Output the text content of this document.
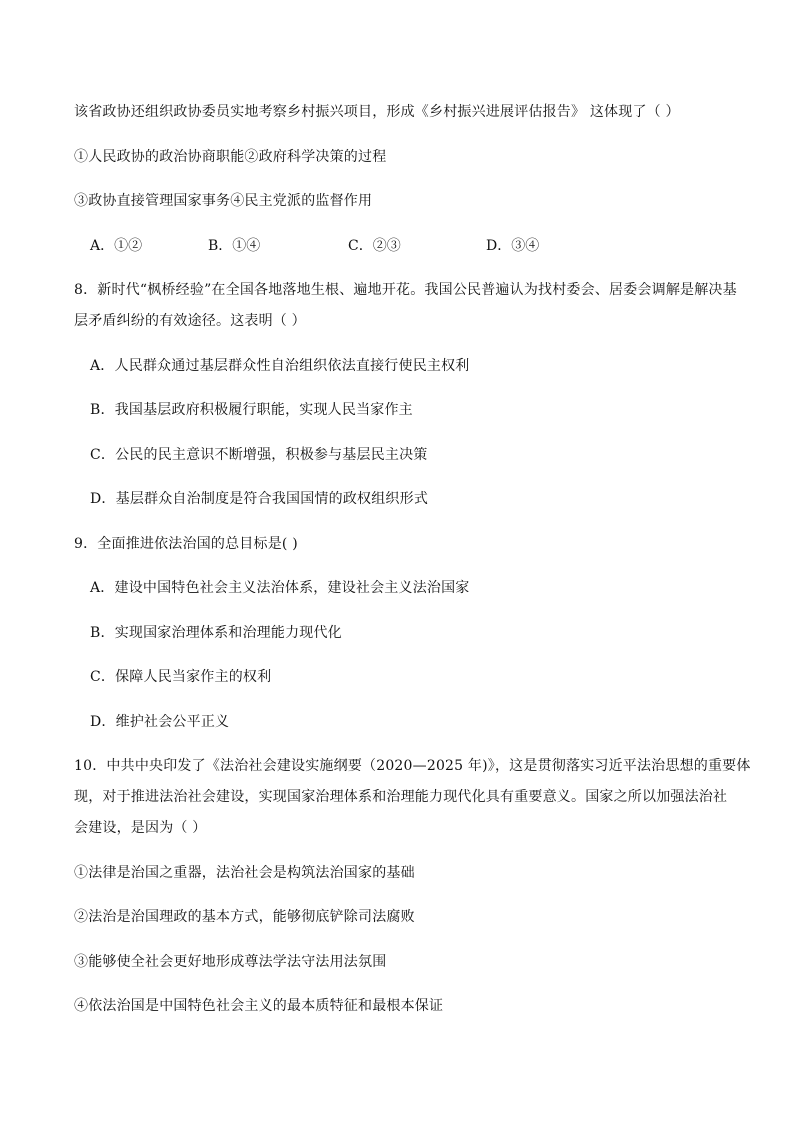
该省政协还组织政协委员实地考察乡村振兴项目，形成《乡村振兴进展评估报告》 这体现了（ ）
①人民政协的政治协商职能②政府科学决策的过程
③政协直接管理国家事务④民主党派的监督作用
A．①②	B．①④	C．②③	D．③④
8．新时代“枫桥经验”在全国各地落地生根、遍地开花。我国公民普遍认为找村委会、居委会调解是解决基
层矛盾纠纷的有效途径。这表明（ ）
A．人民群众通过基层群众性自治组织依法直接行使民主权利
B．我国基层政府积极履行职能，实现人民当家作主
C．公民的民主意识不断增强，积极参与基层民主决策
D．基层群众自治制度是符合我国国情的政权组织形式
9．全面推进依法治国的总目标是( )
A．建设中国特色社会主义法治体系，建设社会主义法治国家
B．实现国家治理体系和治理能力现代化
C．保障人民当家作主的权利
D．维护社会公平正义
10．中共中央印发了《法治社会建设实施纲要（2020—2025 年)》，这是贯彻落实习近平法治思想的重要体
现，对于推进法治社会建设，实现国家治理体系和治理能力现代化具有重要意义。国家之所以加强法治社
会建设，是因为（ ）
①法律是治国之重器，法治社会是构筑法治国家的基础
②法治是治国理政的基本方式，能够彻底铲除司法腐败
③能够使全社会更好地形成尊法学法守法用法氛围
④依法治国是中国特色社会主义的最本质特征和最根本保证
